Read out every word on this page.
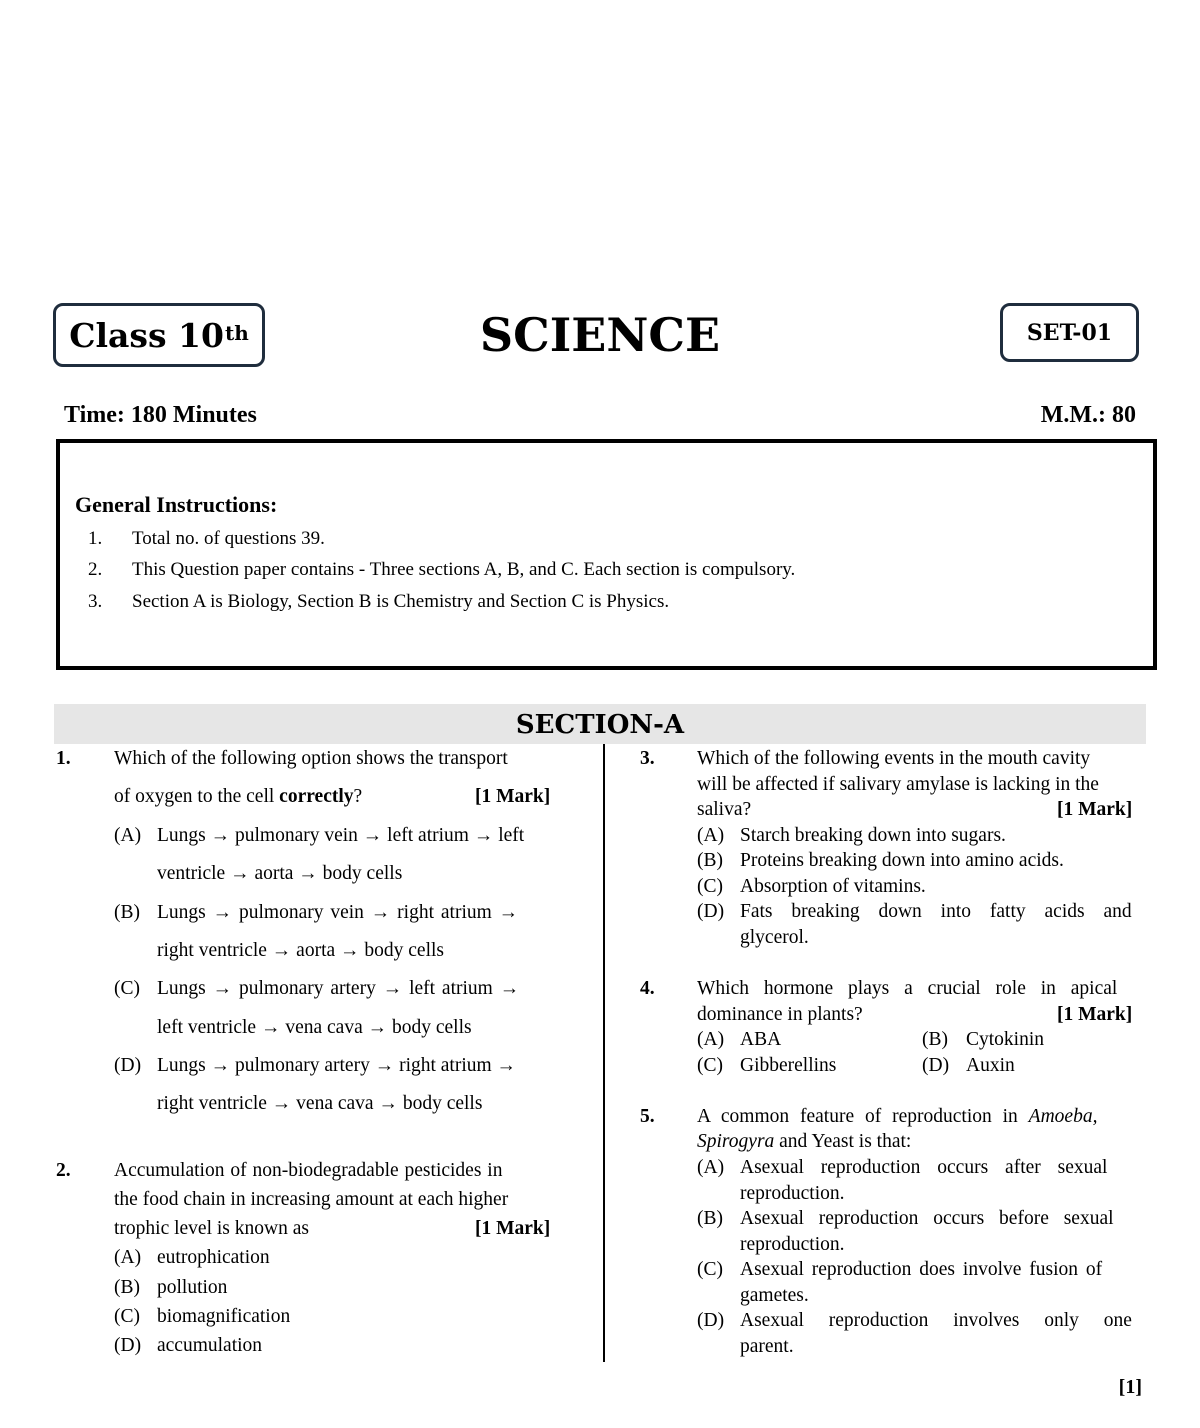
Class 10th	SCIENCE	SET-01
Time: 180 Minutes	M.M.: 80
General Instructions:
1. Total no. of questions 39.
2. This Question paper contains - Three sections A, B, and C. Each section is compulsory.
3. Section A is Biology, Section B is Chemistry and Section C is Physics.
SECTION-A
1. Which of the following option shows the transport
of oxygen to the cell correctly?	[1 Mark]
(A) Lungs → pulmonary vein → left atrium → left
ventricle → aorta → body cells
(B) Lungs → pulmonary vein → right atrium →
right ventricle → aorta → body cells
(C) Lungs → pulmonary artery → left atrium →
left ventricle → vena cava → body cells
(D) Lungs → pulmonary artery → right atrium →
right ventricle → vena cava → body cells
2. Accumulation of non-biodegradable pesticides in
the food chain in increasing amount at each higher
trophic level is known as	[1 Mark]
(A) eutrophication
(B) pollution
(C) biomagnification
(D) accumulation
3. Which of the following events in the mouth cavity
will be affected if salivary amylase is lacking in the
saliva?	[1 Mark]
(A) Starch breaking down into sugars.
(B) Proteins breaking down into amino acids.
(C) Absorption of vitamins.
(D) Fats breaking down into fatty acids and
glycerol.
4. Which hormone plays a crucial role in apical
dominance in plants?	[1 Mark]
(A) ABA	(B) Cytokinin
(C) Gibberellins	(D) Auxin
5. A common feature of reproduction in Amoeba,
Spirogyra and Yeast is that:
(A) Asexual reproduction occurs after sexual
reproduction.
(B) Asexual reproduction occurs before sexual
reproduction.
(C) Asexual reproduction does involve fusion of
gametes.
(D) Asexual reproduction involves only one
parent.
[1]
